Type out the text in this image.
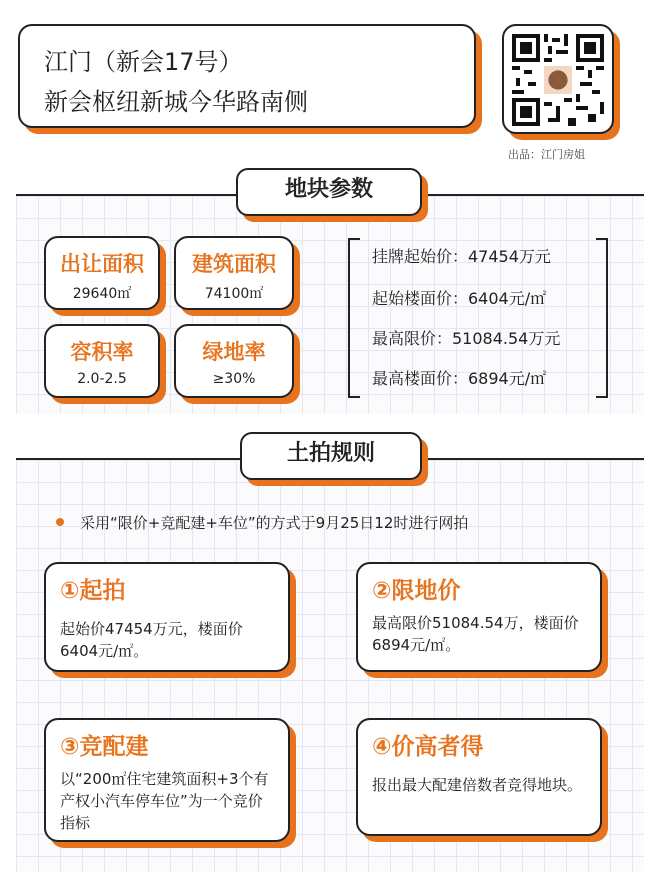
江门（新会17号）
新会枢纽新城今华路南侧
出品：江门房姐
地块参数
出让面积
29640㎡
建筑面积
74100㎡
容积率
2.0-2.5
绿地率
≥30%
挂牌起始价：47454万元
起始楼面价：6404元/㎡
最高限价：51084.54万元
最高楼面价：6894元/㎡
土拍规则
采用“限价+竞配建+车位”的方式于9月25日12时进行网拍
①起拍
起始价47454万元，楼面价6404元/㎡。
②限地价
最高限价51084.54万，楼面价6894元/㎡。
③竞配建
以“200㎡住宅建筑面积+3个有产权小汽车停车位”为一个竞价指标
④价高者得
报出最大配建倍数者竞得地块。
